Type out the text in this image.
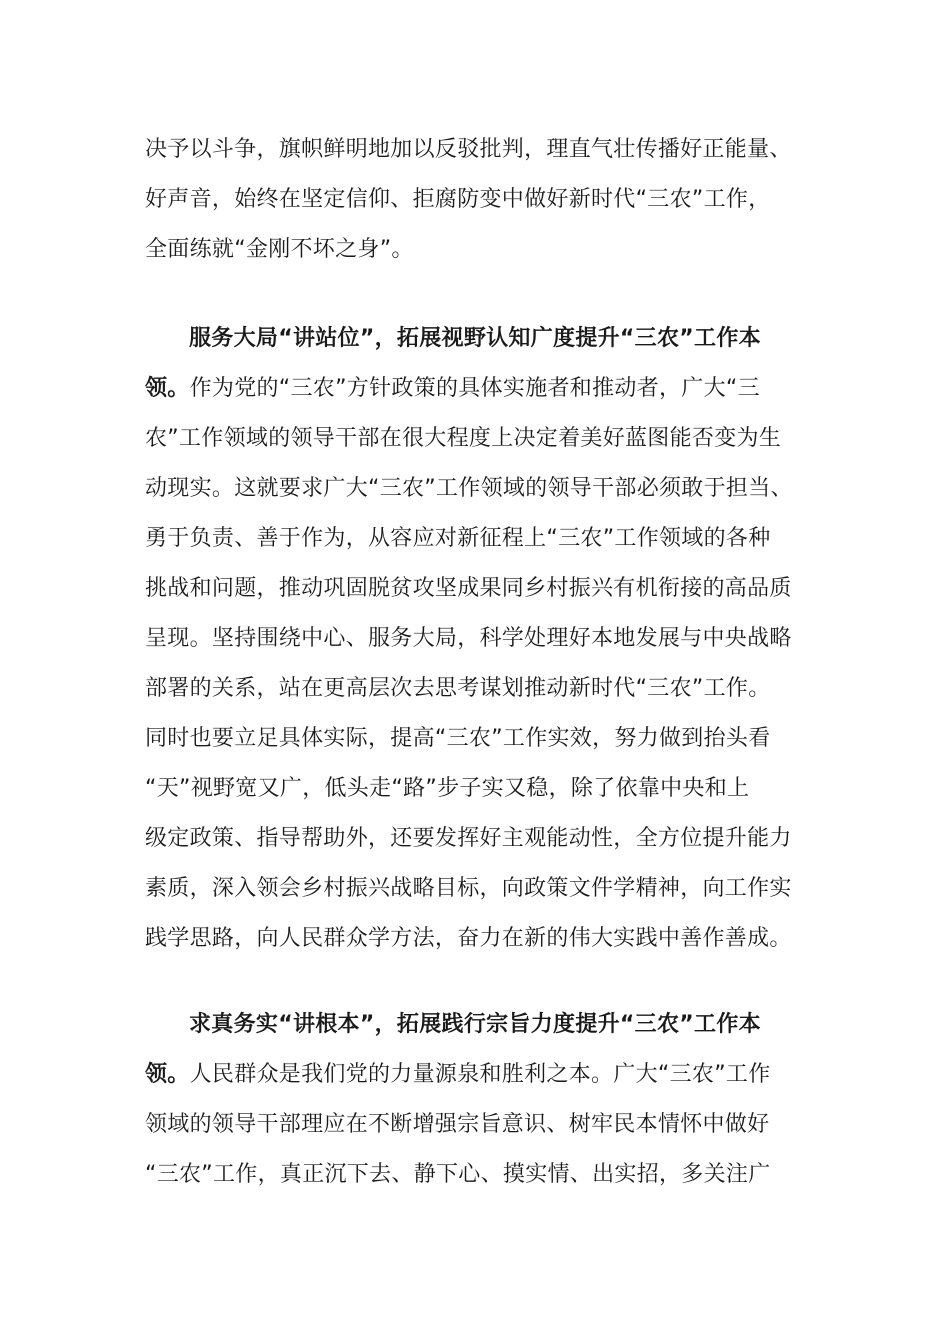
决予以斗争，旗帜鲜明地加以反驳批判，理直气壮传播好正能量、
好声音，始终在坚定信仰、拒腐防变中做好新时代“三农”工作，
全面练就“金刚不坏之身”。
服务大局“讲站位”，拓展视野认知广度提升“三农”工作本
领。作为党的“三农”方针政策的具体实施者和推动者，广大“三
农”工作领域的领导干部在很大程度上决定着美好蓝图能否变为生
动现实。这就要求广大“三农”工作领域的领导干部必须敢于担当、
勇于负责、善于作为，从容应对新征程上“三农”工作领域的各种
挑战和问题，推动巩固脱贫攻坚成果同乡村振兴有机衔接的高品质
呈现。坚持围绕中心、服务大局，科学处理好本地发展与中央战略
部署的关系，站在更高层次去思考谋划推动新时代“三农”工作。
同时也要立足具体实际，提高“三农”工作实效，努力做到抬头看
“天”视野宽又广，低头走“路”步子实又稳，除了依靠中央和上
级定政策、指导帮助外，还要发挥好主观能动性，全方位提升能力
素质，深入领会乡村振兴战略目标，向政策文件学精神，向工作实
践学思路，向人民群众学方法，奋力在新的伟大实践中善作善成。
求真务实“讲根本”，拓展践行宗旨力度提升“三农”工作本
领。人民群众是我们党的力量源泉和胜利之本。广大“三农”工作
领域的领导干部理应在不断增强宗旨意识、树牢民本情怀中做好
“三农”工作，真正沉下去、静下心、摸实情、出实招，多关注广
